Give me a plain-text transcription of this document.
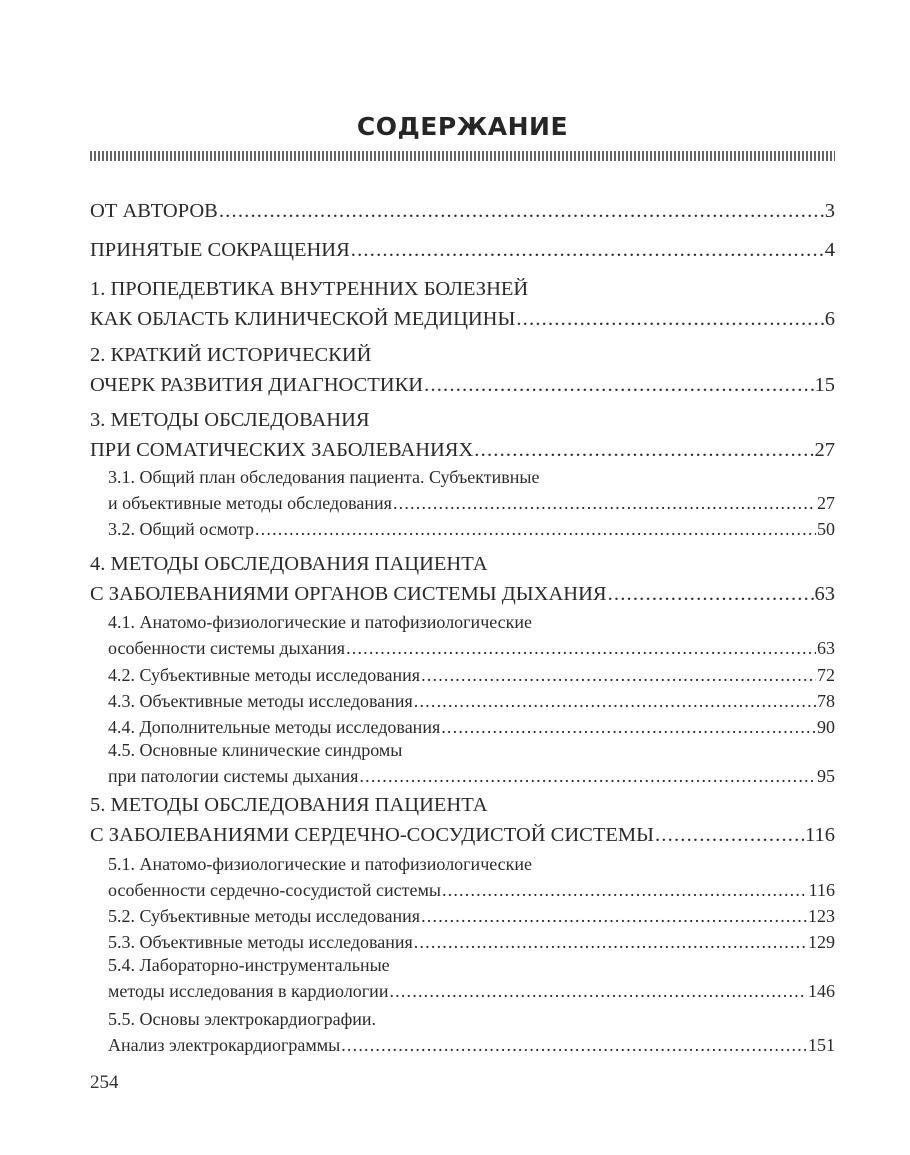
СОДЕРЖАНИЕ
ОТ АВТОРОВ .....	3
ПРИНЯТЫЕ СОКРАЩЕНИЯ .....	4
1. ПРОПЕДЕВТИКА ВНУТРЕННИХ БОЛЕЗНЕЙ
КАК ОБЛАСТЬ КЛИНИЧЕСКОЙ МЕДИЦИНЫ .....	6
2. КРАТКИЙ ИСТОРИЧЕСКИЙ
ОЧЕРК РАЗВИТИЯ ДИАГНОСТИКИ .....	15
3. МЕТОДЫ ОБСЛЕДОВАНИЯ
ПРИ СОМАТИЧЕСКИХ ЗАБОЛЕВАНИЯХ .....	27
3.1. Общий план обследования пациента. Субъективные
и объективные методы обследования .....	27
3.2. Общий осмотр .....	50
4. МЕТОДЫ ОБСЛЕДОВАНИЯ ПАЦИЕНТА
С ЗАБОЛЕВАНИЯМИ ОРГАНОВ СИСТЕМЫ ДЫХАНИЯ .....	63
4.1. Анатомо-физиологические и патофизиологические
особенности системы дыхания .....	63
4.2. Субъективные методы исследования .....	72
4.3. Объективные методы исследования .....	78
4.4. Дополнительные методы исследования .....	90
4.5. Основные клинические синдромы
при патологии системы дыхания .....	95
5. МЕТОДЫ ОБСЛЕДОВАНИЯ ПАЦИЕНТА
С ЗАБОЛЕВАНИЯМИ СЕРДЕЧНО-СОСУДИСТОЙ СИСТЕМЫ .....	116
5.1. Анатомо-физиологические и патофизиологические
особенности сердечно-сосудистой системы .....	116
5.2. Субъективные методы исследования .....	123
5.3. Объективные методы исследования .....	129
5.4. Лабораторно-инструментальные
методы исследования в кардиологии .....	146
5.5. Основы электрокардиографии.
Анализ электрокардиограммы .....	151
254
